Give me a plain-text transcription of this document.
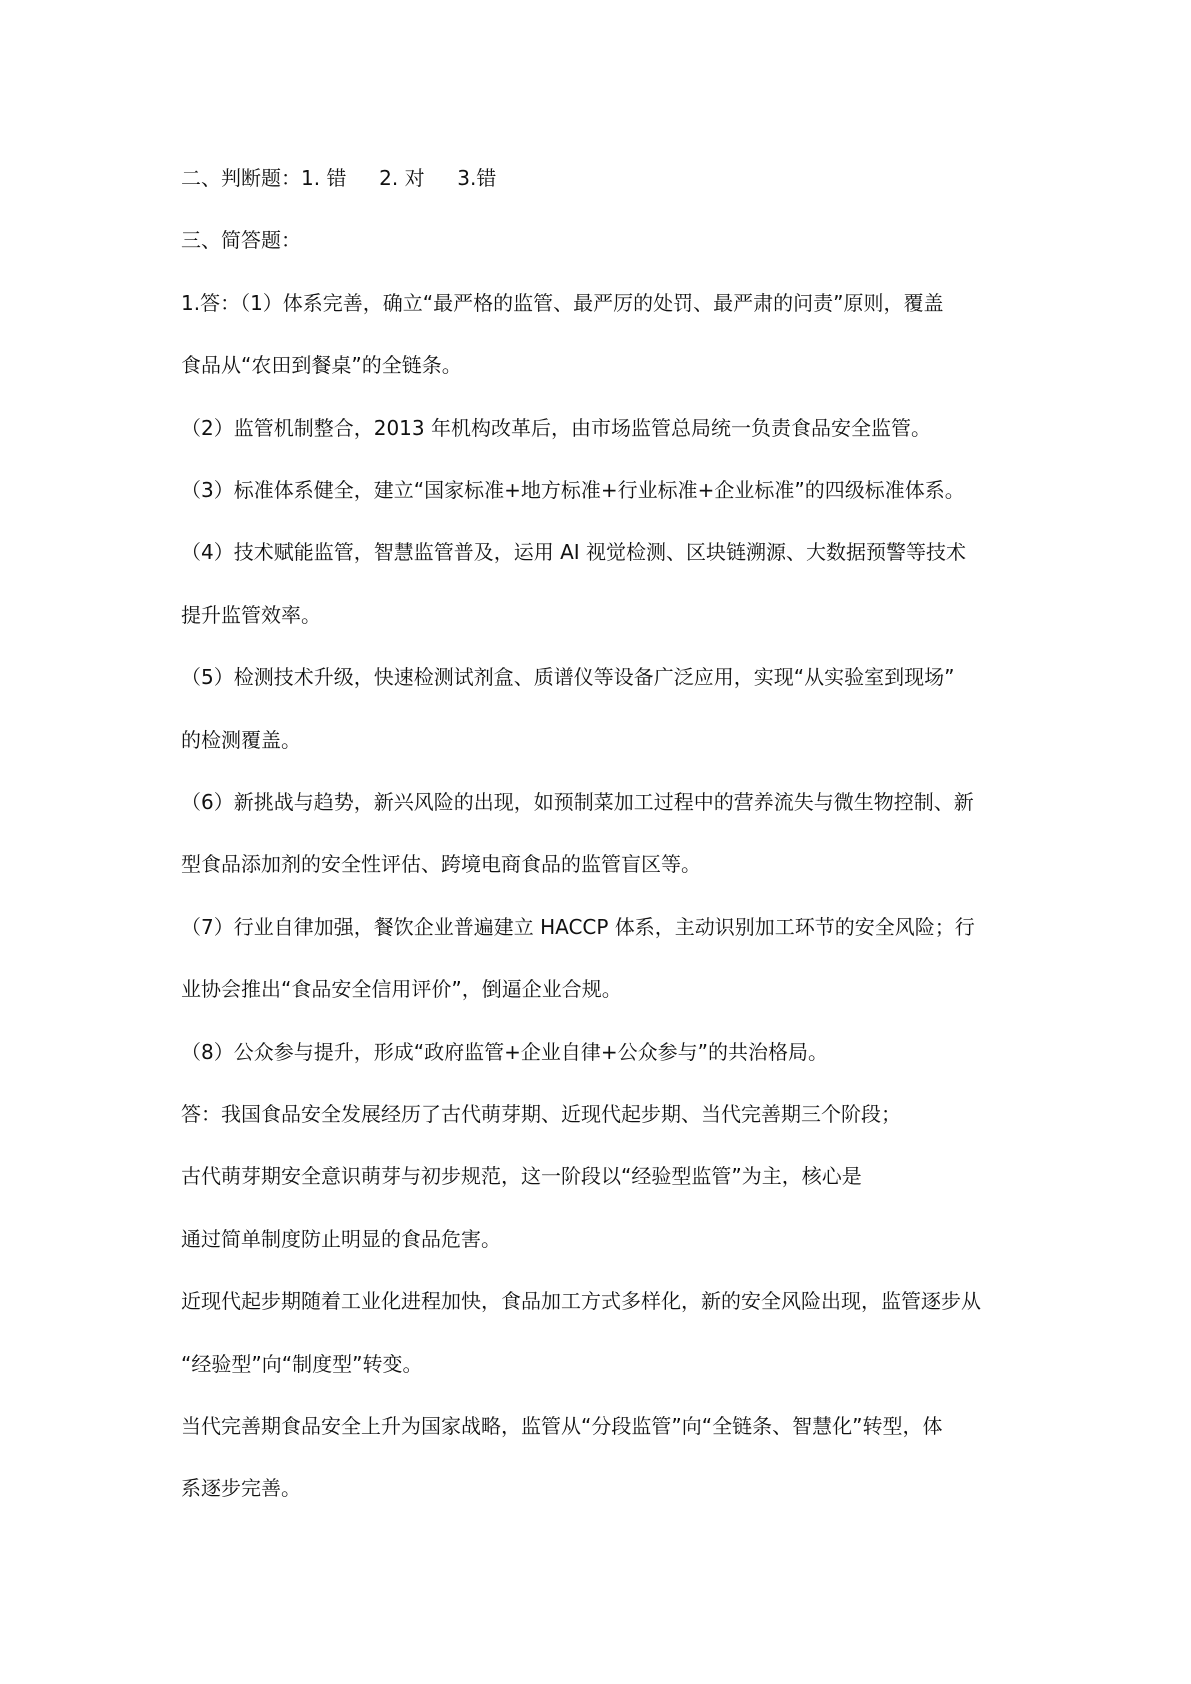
二、判断题：1. 错　  2. 对　  3.错
三、简答题：
1.答：（1）体系完善，确立“最严格的监管、最严厉的处罚、最严肃的问责”原则，覆盖
食品从“农田到餐桌”的全链条。
（2）监管机制整合，2013 年机构改革后，由市场监管总局统一负责食品安全监管。
（3）标准体系健全，建立“国家标准+地方标准+行业标准+企业标准”的四级标准体系。
（4）技术赋能监管，智慧监管普及，运用 AI 视觉检测、区块链溯源、大数据预警等技术
提升监管效率。
（5）检测技术升级，快速检测试剂盒、质谱仪等设备广泛应用，实现“从实验室到现场”
的检测覆盖。
（6）新挑战与趋势，新兴风险的出现，如预制菜加工过程中的营养流失与微生物控制、新
型食品添加剂的安全性评估、跨境电商食品的监管盲区等。
（7）行业自律加强，餐饮企业普遍建立 HACCP 体系，主动识别加工环节的安全风险；行
业协会推出“食品安全信用评价”，倒逼企业合规。
（8）公众参与提升，形成“政府监管+企业自律+公众参与”的共治格局。
答：我国食品安全发展经历了古代萌芽期、近现代起步期、当代完善期三个阶段；
古代萌芽期安全意识萌芽与初步规范，这一阶段以“经验型监管”为主，核心是
通过简单制度防止明显的食品危害。
近现代起步期随着工业化进程加快，食品加工方式多样化，新的安全风险出现，监管逐步从
“经验型”向“制度型”转变。
当代完善期食品安全上升为国家战略，监管从“分段监管”向“全链条、智慧化”转型，体
系逐步完善。
